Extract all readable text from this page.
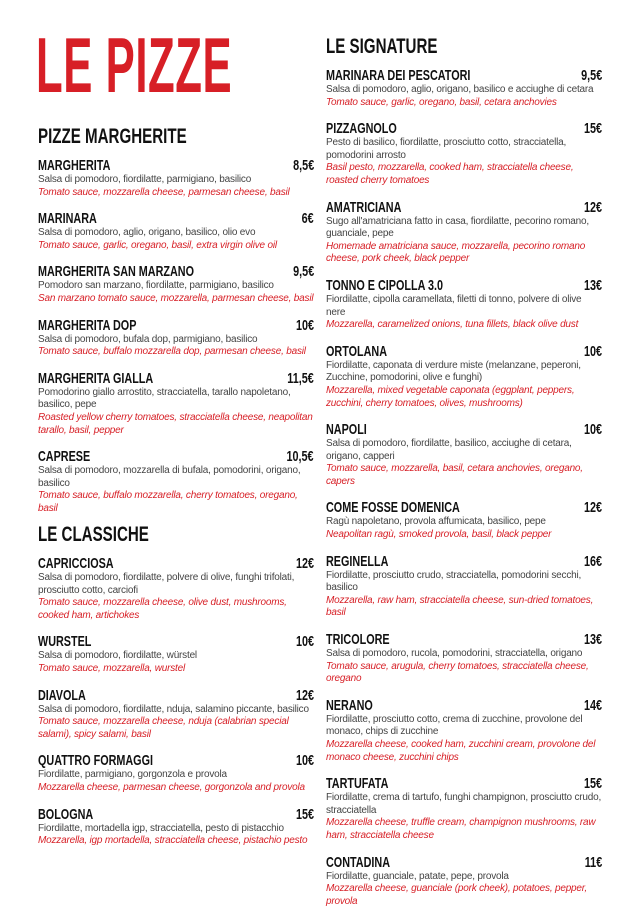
LE PIZZE
PIZZE MARGHERITE
MARGHERITA	8,5€
Salsa di pomodoro, fiordilatte, parmigiano, basilico
Tomato sauce, mozzarella cheese, parmesan cheese, basil
MARINARA	6€
Salsa di pomodoro, aglio, origano, basilico, olio evo
Tomato sauce, garlic, oregano, basil, extra virgin olive oil
MARGHERITA SAN MARZANO	9,5€
Pomodoro san marzano, fiordilatte, parmigiano, basilico
San marzano tomato sauce, mozzarella, parmesan cheese, basil
MARGHERITA DOP	10€
Salsa di pomodoro, bufala dop, parmigiano, basilico
Tomato sauce, buffalo mozzarella dop, parmesan cheese, basil
MARGHERITA GIALLA	11,5€
Pomodorino giallo arrostito, stracciatella, tarallo napoletano, basilico, pepe
Roasted yellow cherry tomatoes, stracciatella cheese, neapolitan tarallo, basil, pepper
CAPRESE	10,5€
Salsa di pomodoro, mozzarella di bufala, pomodorini, origano, basilico
Tomato sauce, buffalo mozzarella, cherry tomatoes, oregano, basil
LE CLASSICHE
CAPRICCIOSA	12€
Salsa di pomodoro, fiordilatte, polvere di olive, funghi trifolati, prosciutto cotto, carciofi
Tomato sauce, mozzarella cheese, olive dust, mushrooms, cooked ham, artichokes
WURSTEL	10€
Salsa di pomodoro, fiordilatte, würstel
Tomato sauce, mozzarella, wurstel
DIAVOLA	12€
Salsa di pomodoro, fiordilatte, nduja, salamino piccante, basilico
Tomato sauce, mozzarella cheese, nduja (calabrian special salami), spicy salami, basil
QUATTRO FORMAGGI	10€
Fiordilatte, parmigiano, gorgonzola e provola
Mozzarella cheese, parmesan cheese, gorgonzola and provola
BOLOGNA	15€
Fiordilatte, mortadella igp, stracciatella, pesto di pistacchio
Mozzarella, igp mortadella, stracciatella cheese, pistachio pesto
LE SIGNATURE
MARINARA DEI PESCATORI	9,5€
Salsa di pomodoro, aglio, origano, basilico e acciughe di cetara
Tomato sauce, garlic, oregano, basil, cetara anchovies
PIZZAGNOLO	15€
Pesto di basilico, fiordilatte, prosciutto cotto, stracciatella, pomodorini arrosto
Basil pesto, mozzarella, cooked ham, stracciatella cheese, roasted cherry tomatoes
AMATRICIANA	12€
Sugo all'amatriciana fatto in casa, fiordilatte, pecorino romano, guanciale, pepe
Homemade amatriciana sauce, mozzarella, pecorino romano cheese, pork cheek, black pepper
TONNO E CIPOLLA 3.0	13€
Fiordilatte, cipolla caramellata, filetti di tonno, polvere di olive nere
Mozzarella, caramelized onions, tuna fillets, black olive dust
ORTOLANA	10€
Fiordilatte, caponata di verdure miste (melanzane, peperoni, Zucchine, pomodorini, olive e funghi)
Mozzarella, mixed vegetable caponata (eggplant, peppers, zucchini, cherry tomatoes, olives, mushrooms)
NAPOLI	10€
Salsa di pomodoro, fiordilatte, basilico, acciughe di cetara, origano, capperi
Tomato sauce, mozzarella, basil, cetara anchovies, oregano, capers
COME FOSSE DOMENICA	12€
Ragù napoletano, provola affumicata, basilico, pepe
Neapolitan ragù, smoked provola, basil, black pepper
REGINELLA	16€
Fiordilatte, prosciutto crudo, stracciatella, pomodorini secchi, basilico
Mozzarella, raw ham, stracciatella cheese, sun-dried tomatoes, basil
TRICOLORE	13€
Salsa di pomodoro, rucola, pomodorini, stracciatella, origano
Tomato sauce, arugula, cherry tomatoes, stracciatella cheese, oregano
NERANO	14€
Fiordilatte, prosciutto cotto, crema di zucchine, provolone del monaco, chips di zucchine
Mozzarella cheese, cooked ham, zucchini cream, provolone del monaco cheese, zucchini chips
TARTUFATA	15€
Fiordilatte, crema di tartufo, funghi champignon, prosciutto crudo, stracciatella
Mozzarella cheese, truffle cream, champignon mushrooms, raw ham, stracciatella cheese
CONTADINA	11€
Fiordilatte, guanciale, patate, pepe, provola
Mozzarella cheese, guanciale (pork cheek), potatoes, pepper, provola
